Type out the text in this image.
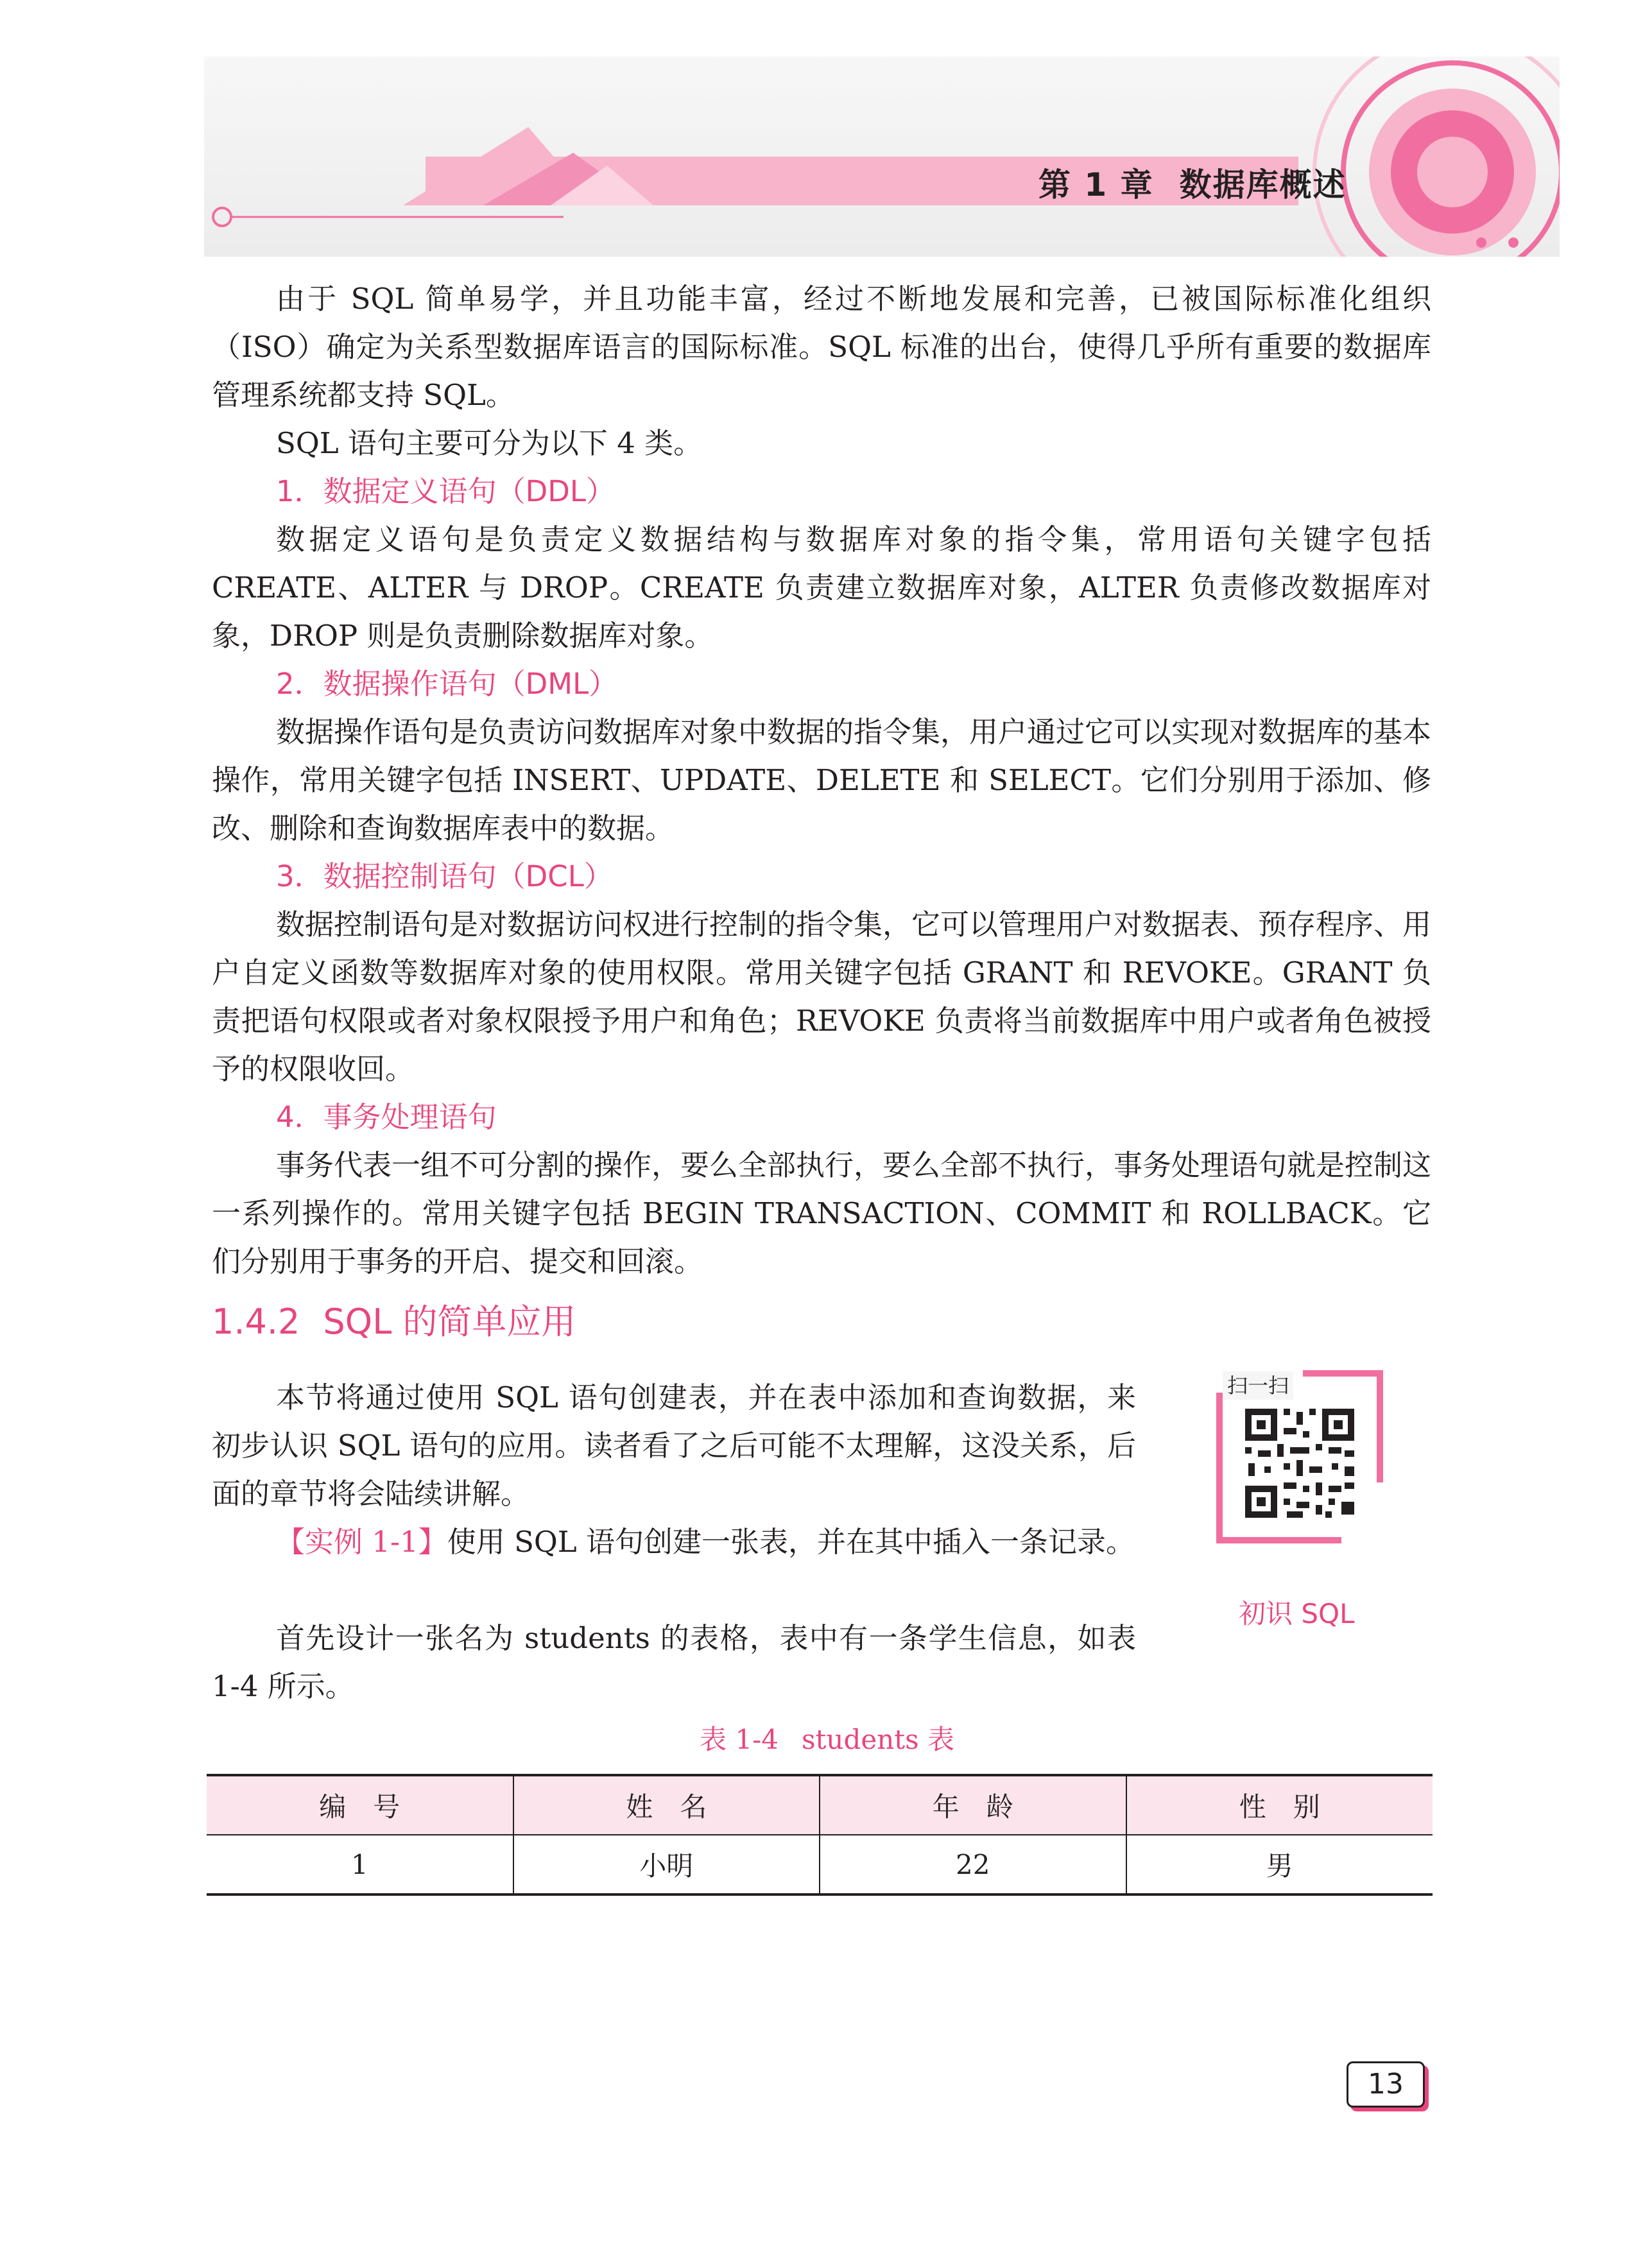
第 1 章 数据库概述

由于 SQL 简单易学，并且功能丰富，经过不断地发展和完善，已被国际标准化组织（ISO）确定为关系型数据库语言的国际标准。SQL 标准的出台，使得几乎所有重要的数据库管理系统都支持 SQL。

SQL 语句主要可分为以下 4 类。

1．数据定义语句（DDL）

数据定义语句是负责定义数据结构与数据库对象的指令集，常用语句关键字包括 CREATE、ALTER 与 DROP。CREATE 负责建立数据库对象，ALTER 负责修改数据库对象，DROP 则是负责删除数据库对象。

2．数据操作语句（DML）

数据操作语句是负责访问数据库对象中数据的指令集，用户通过它可以实现对数据库的基本操作，常用关键字包括 INSERT、UPDATE、DELETE 和 SELECT。它们分别用于添加、修改、删除和查询数据库表中的数据。

3．数据控制语句（DCL）

数据控制语句是对数据访问权进行控制的指令集，它可以管理用户对数据表、预存程序、用户自定义函数等数据库对象的使用权限。常用关键字包括 GRANT 和 REVOKE。GRANT 负责把语句权限或者对象权限授予用户和角色；REVOKE 负责将当前数据库中用户或者角色被授予的权限收回。

4．事务处理语句

事务代表一组不可分割的操作，要么全部执行，要么全部不执行，事务处理语句就是控制这一系列操作的。常用关键字包括 BEGIN TRANSACTION、COMMIT 和 ROLLBACK。它们分别用于事务的开启、提交和回滚。

1.4.2 SQL 的简单应用

本节将通过使用 SQL 语句创建表，并在表中添加和查询数据，来初步认识 SQL 语句的应用。读者看了之后可能不太理解，这没关系，后面的章节将会陆续讲解。

【实例 1-1】使用 SQL 语句创建一张表，并在其中插入一条记录。

首先设计一张名为 students 的表格，表中有一条学生信息，如表 1-4 所示。

扫一扫
初识 SQL
表 1-4 students 表
编　号	姓　名	年　龄	性　别
1	小明	22	男
13
